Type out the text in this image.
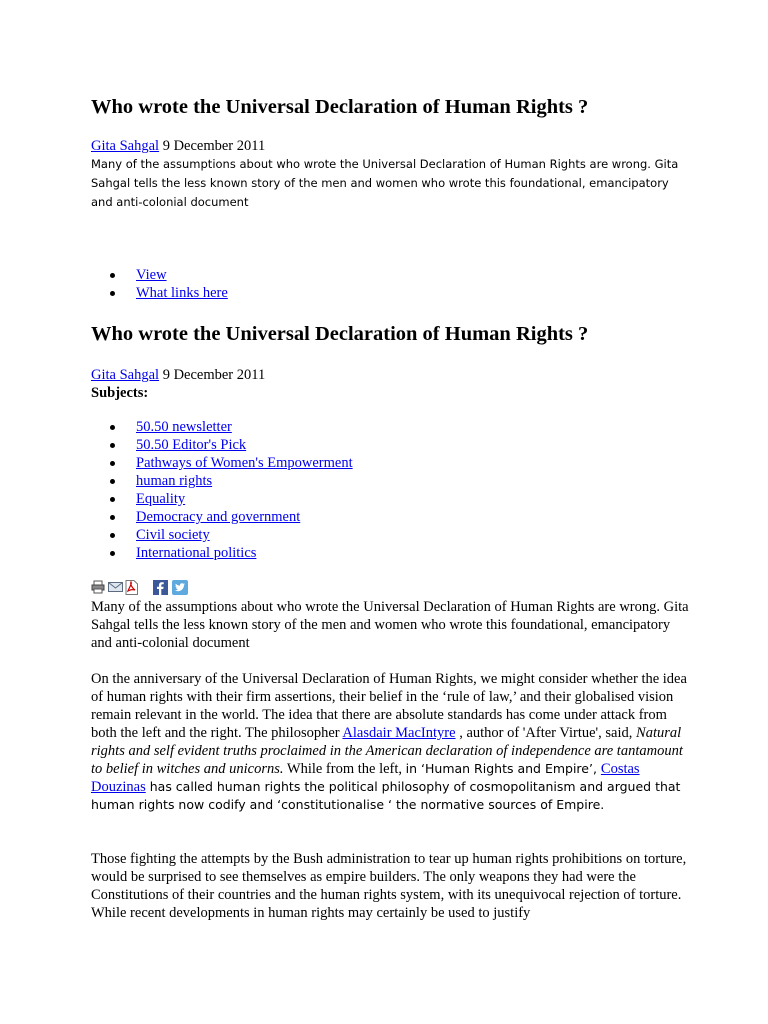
Who wrote the Universal Declaration of Human Rights ?
Gita Sahgal 9 December 2011

Many of the assumptions about who wrote the Universal Declaration of Human Rights are wrong. Gita Sahgal tells the less known story of the men and women who wrote this foundational, emancipatory and anti-colonial document

View
What links here
Who wrote the Universal Declaration of Human Rights ?
Gita Sahgal 9 December 2011
Subjects:
50.50 newsletter
50.50 Editor's Pick
Pathways of Women's Empowerment
human rights
Equality
Democracy and government
Civil society
International politics

Many of the assumptions about who wrote the Universal Declaration of Human Rights are wrong. Gita Sahgal tells the less known story of the men and women who wrote this foundational, emancipatory and anti-colonial document

On the anniversary of the Universal Declaration of Human Rights, we might consider whether the idea of human rights with their firm assertions, their belief in the ‘rule of law,’ and their globalised vision remain relevant in the world. The idea that there are absolute standards has come under attack from both the left and the right. The philosopher Alasdair MacIntyre , author of 'After Virtue', said, Natural rights and self evident truths proclaimed in the American declaration of independence are tantamount to belief in witches and unicorns. While from the left, in ‘Human Rights and Empire’, Costas Douzinas has called human rights the political philosophy of cosmopolitanism and argued that human rights now codify and ‘constitutionalise ‘ the normative sources of Empire.

Those fighting the attempts by the Bush administration to tear up human rights prohibitions on torture, would be surprised to see themselves as empire builders. The only weapons they had were the Constitutions of their countries and the human rights system, with its unequivocal rejection of torture. While recent developments in human rights may certainly be used to justify
